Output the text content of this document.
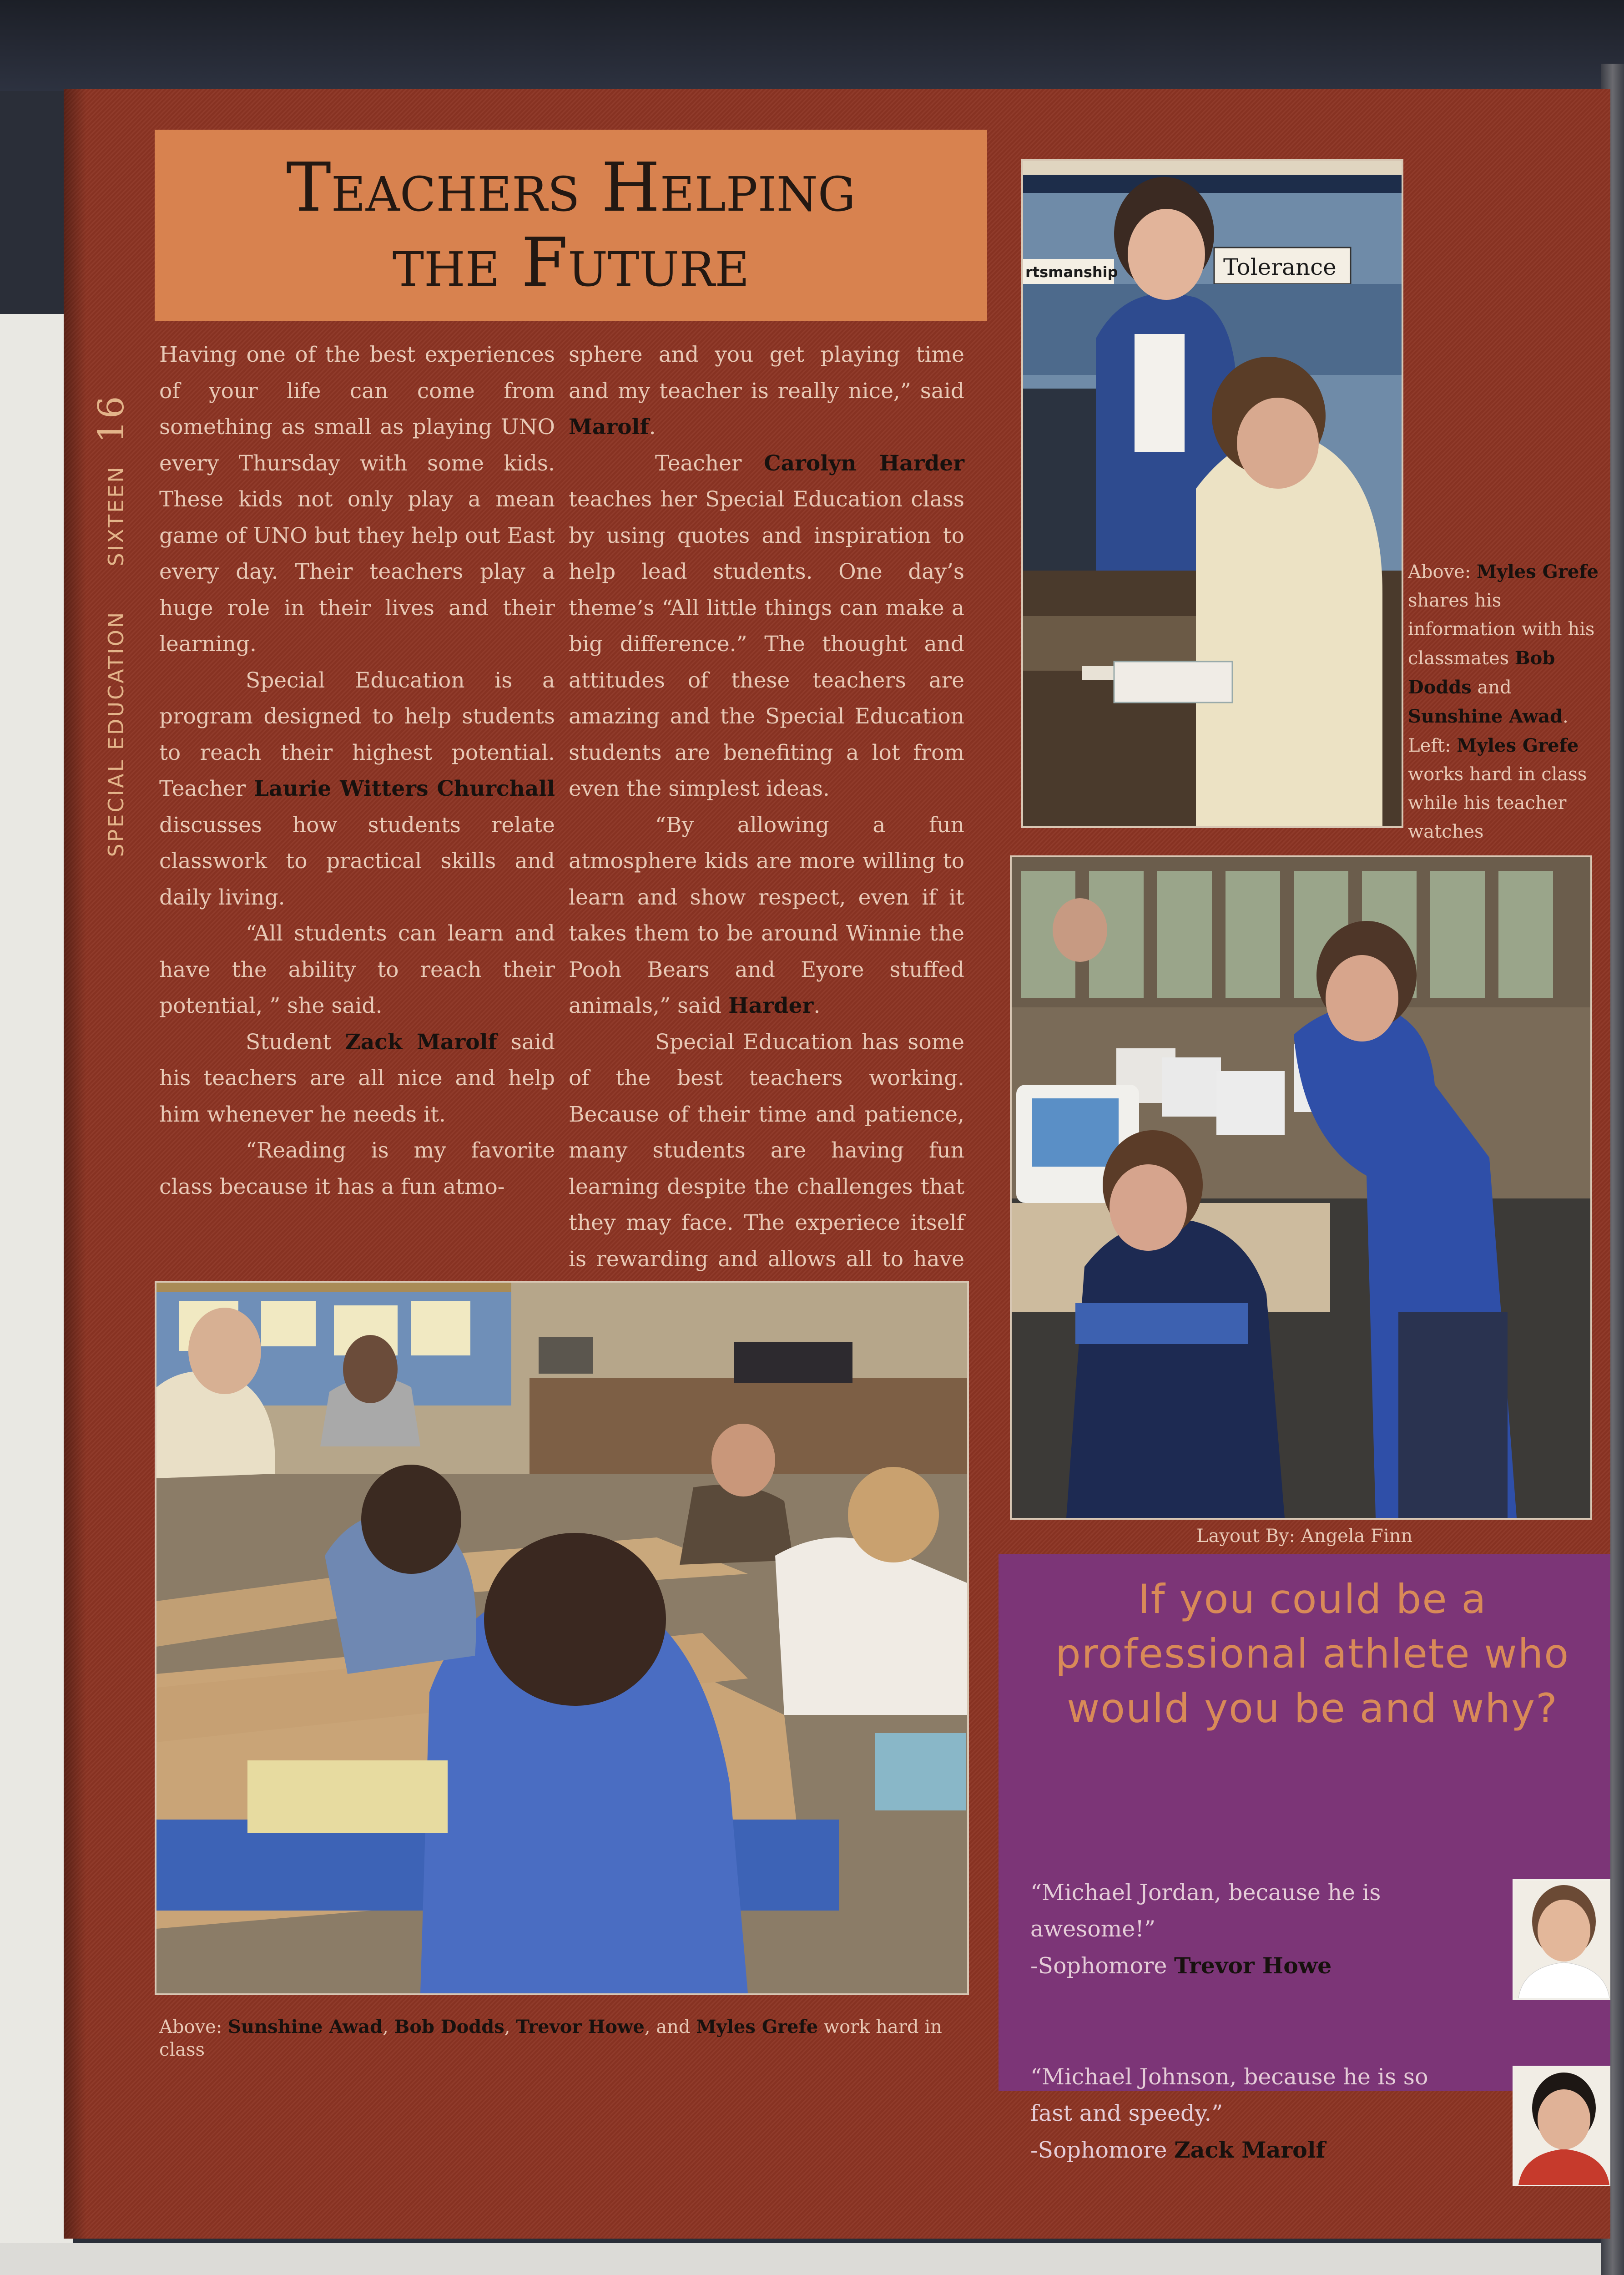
SPECIAL EDUCATION  SIXTEEN 16
Teachers Helping the Future

Having one of the best experiences of your life can come from something as small as playing UNO every Thursday with some kids. These kids not only play a mean game of UNO but they help out East every day. Their teachers play a huge role in their lives and their learning.

Special Education is a program designed to help students to reach their highest potential. Teacher Laurie Witters Churchall discusses how students relate classwork to practical skills and daily living.

“All students can learn and have the ability to reach their potential, ” she said.

Student Zack Marolf said his teachers are all nice and help him whenever he needs it.

“Reading is my favorite class because it has a fun atmo-

sphere and you get playing time and my teacher is really nice,” said Marolf.

Teacher Carolyn Harder teaches her Special Education class by using quotes and inspiration to help lead students. One day’s theme’s “All little things can make a big difference.” The thought and attitudes of these teachers are amazing and the Special Education students are benefiting a lot from even the simplest ideas.

“By allowing a fun atmosphere kids are more willing to learn and show respect, even if it takes them to be around Winnie the Pooh Bears and Eyore stuffed animals,” said Harder.

Special Education has some of the best teachers working. Because of their time and patience, many students are having fun learning despite the challenges that they may face. The experiece itself is rewarding and allows all to have

Tolerance
rtsmanship

Above: Myles Grefe shares his information with his classmates Bob Dodds and Sunshine Awad.

Left: Myles Grefe works hard in class while his teacher watches

Layout By: Angela Finn
Above: Sunshine Awad, Bob Dodds, Trevor Howe, and Myles Grefe work hard in class
If you could be a professional athlete who would you be and why?

“Michael Jordan, because he is awesome!”

-Sophomore Trevor Howe

“Michael Johnson, because he is so fast and speedy.”

-Sophomore Zack Marolf
